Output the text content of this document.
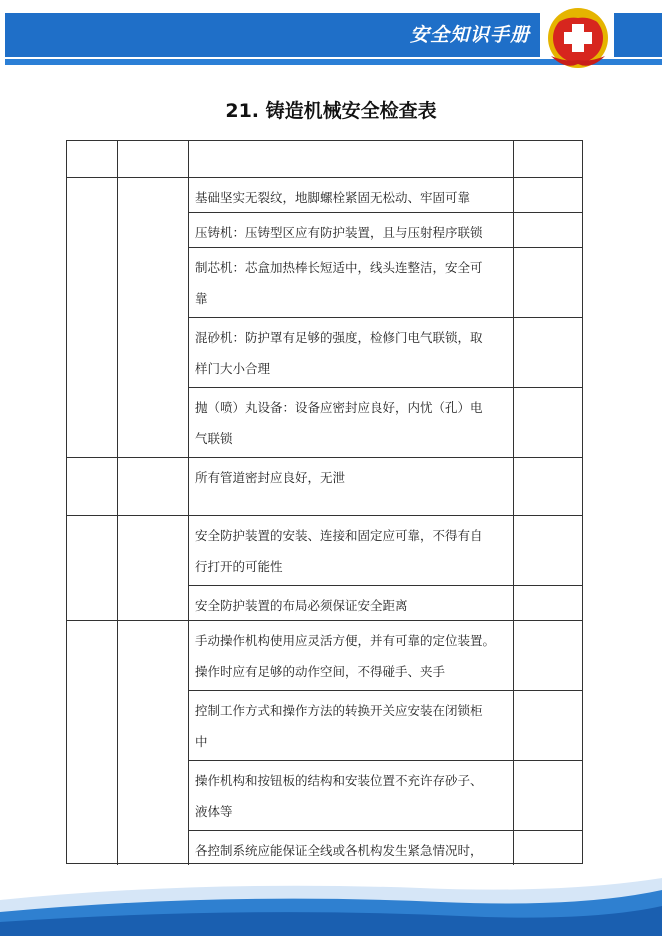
安全知识手册
21. 铸造机械安全检查表
基础坚实无裂纹，地脚螺栓紧固无松动、牢固可靠
压铸机：压铸型区应有防护装置，且与压射程序联锁
制芯机：芯盒加热棒长短适中，线头连整洁，安全可
靠
混砂机：防护罩有足够的强度，检修门电气联锁，取
样门大小合理
抛（喷）丸设备：设备应密封应良好，内忧（孔）电
气联锁
所有管道密封应良好，无泄
安全防护装置的安装、连接和固定应可靠，不得有自
行打开的可能性
安全防护装置的布局必须保证安全距离
手动操作机构使用应灵活方便，并有可靠的定位装置。
操作时应有足够的动作空间，不得碰手、夹手
控制工作方式和操作方法的转换开关应安装在闭锁柜
中
操作机构和按钮板的结构和安装位置不充许存砂子、
液体等
各控制系统应能保证全线或各机构发生紧急情况时，
